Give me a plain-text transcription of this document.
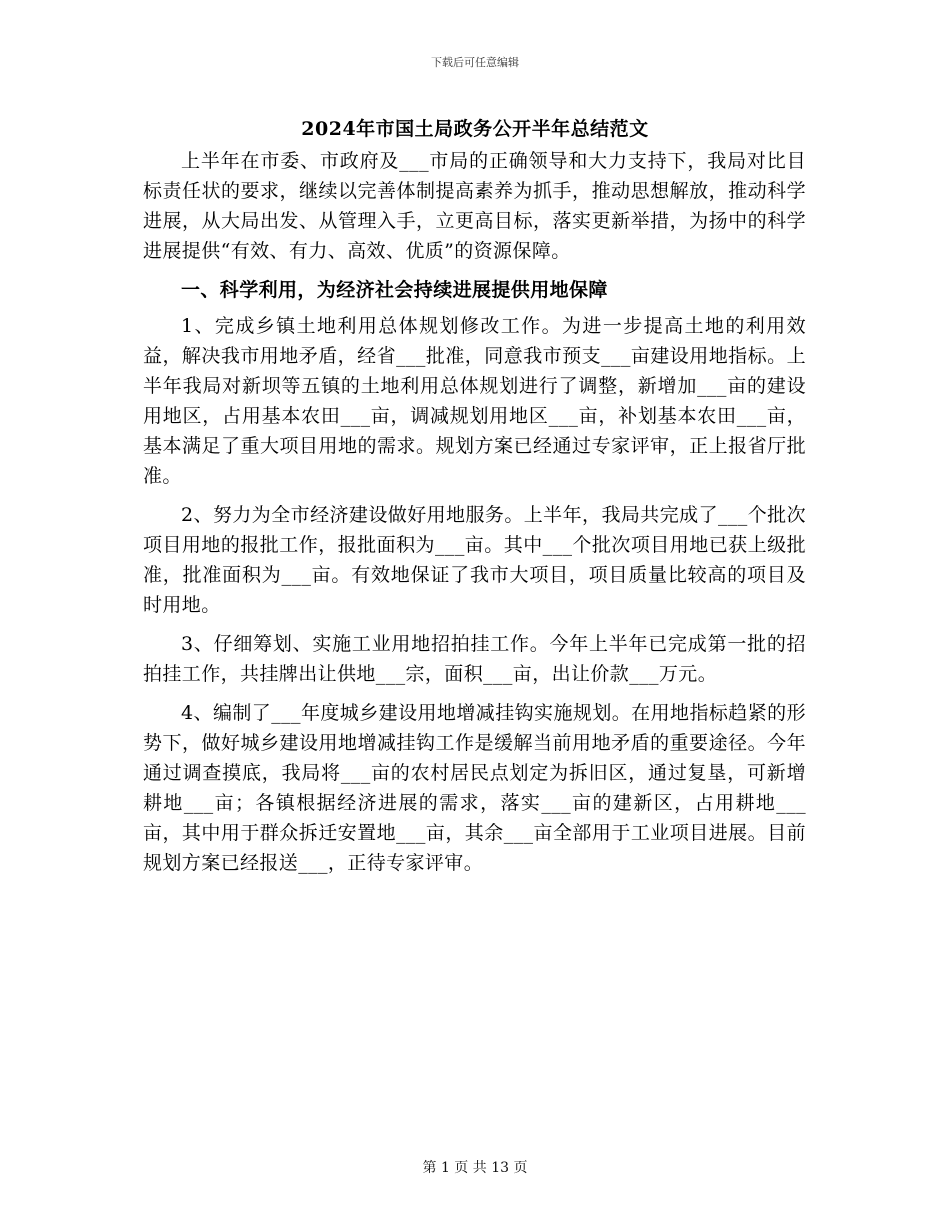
下载后可任意编辑
2024年市国土局政务公开半年总结范文

上半年在市委、市政府及___市局的正确领导和大力支持下，我局对比目标责任状的要求，继续以完善体制提高素养为抓手，推动思想解放，推动科学进展，从大局出发、从管理入手，立更高目标，落实更新举措，为扬中的科学进展提供“有效、有力、高效、优质”的资源保障。

一、科学利用，为经济社会持续进展提供用地保障

1、完成乡镇土地利用总体规划修改工作。为进一步提高土地的利用效益，解决我市用地矛盾，经省___批准，同意我市预支___亩建设用地指标。上半年我局对新坝等五镇的土地利用总体规划进行了调整，新增加___亩的建设用地区，占用基本农田___亩，调减规划用地区___亩，补划基本农田___亩，基本满足了重大项目用地的需求。规划方案已经通过专家评审，正上报省厅批准。

2、努力为全市经济建设做好用地服务。上半年，我局共完成了___个批次项目用地的报批工作，报批面积为___亩。其中___个批次项目用地已获上级批准，批准面积为___亩。有效地保证了我市大项目，项目质量比较高的项目及时用地。

3、仔细筹划、实施工业用地招拍挂工作。今年上半年已完成第一批的招拍挂工作，共挂牌出让供地___宗，面积___亩，出让价款___万元。

4、编制了___年度城乡建设用地增减挂钩实施规划。在用地指标趋紧的形势下，做好城乡建设用地增减挂钩工作是缓解当前用地矛盾的重要途径。今年通过调查摸底，我局将___亩的农村居民点划定为拆旧区，通过复垦，可新增耕地___亩；各镇根据经济进展的需求，落实___亩的建新区，占用耕地___亩，其中用于群众拆迁安置地___亩，其余___亩全部用于工业项目进展。目前规划方案已经报送___，正待专家评审。

第 1 页 共 13 页
